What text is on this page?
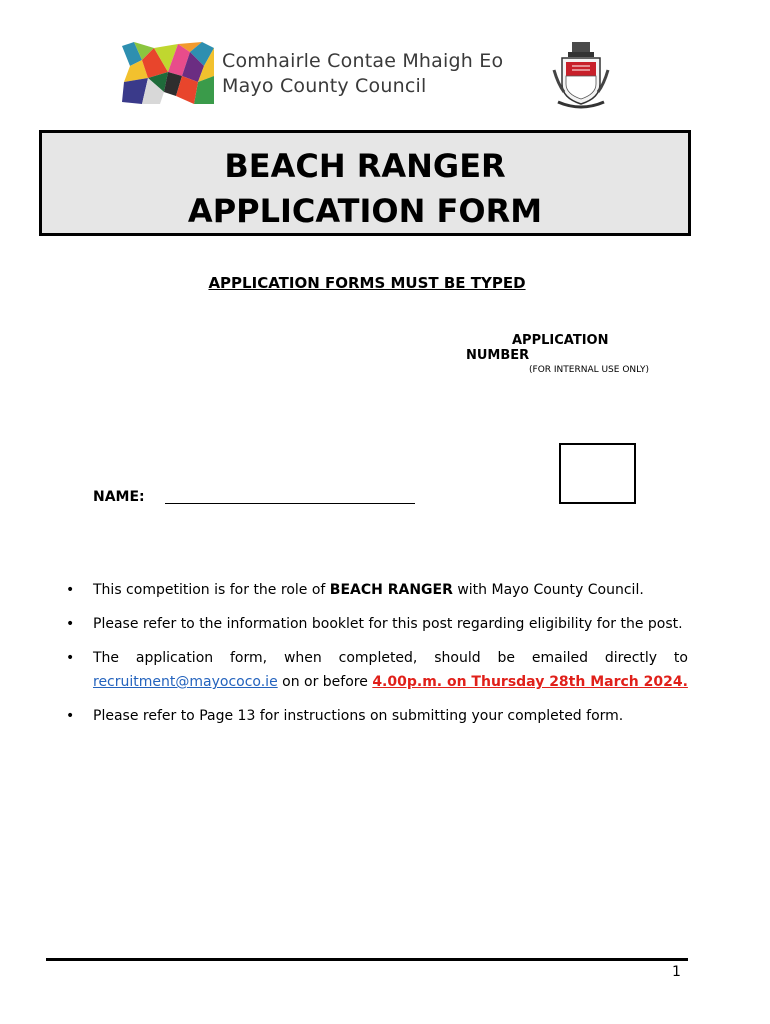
Comhairle Contae Mhaigh Eo
Mayo County Council
BEACH RANGER
APPLICATION FORM
APPLICATION FORMS MUST BE TYPED
APPLICATION
NUMBER
(FOR INTERNAL USE ONLY)
NAME:
• This competition is for the role of BEACH RANGER with Mayo County Council.
• Please refer to the information booklet for this post regarding eligibility for the post.
• The application form, when completed, should be emailed directly to recruitment@mayococo.ie on or before 4.00p.m. on Thursday 28th March 2024.
• Please refer to Page 13 for instructions on submitting your completed form.
1
